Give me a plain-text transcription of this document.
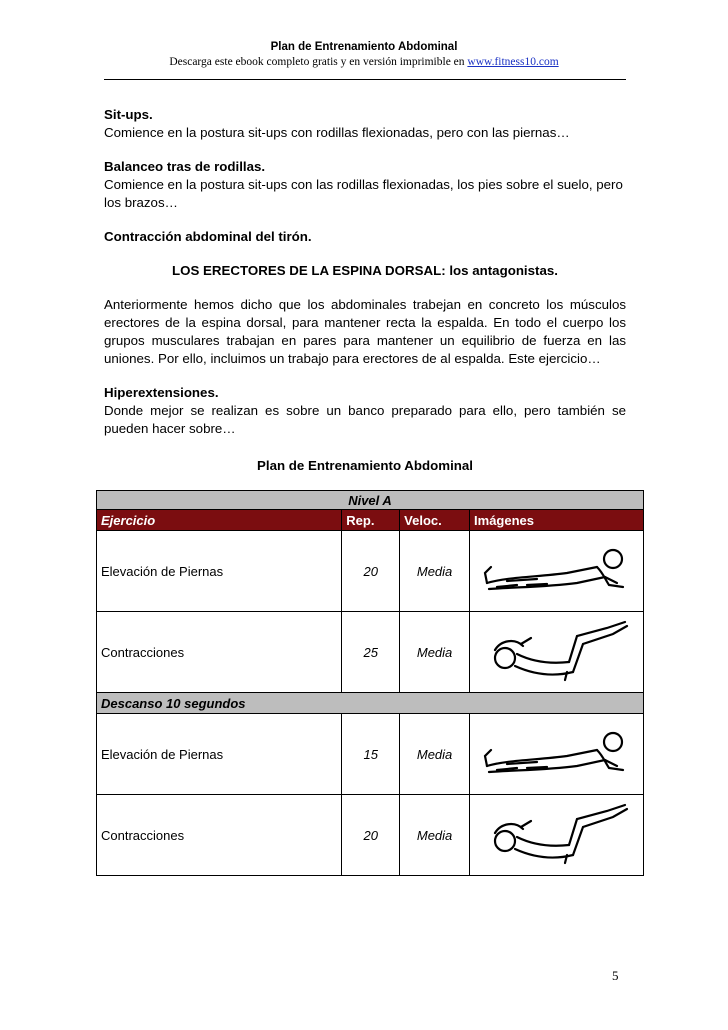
Plan de Entrenamiento Abdominal
Descarga este ebook completo gratis y en versión imprimible en www.fitness10.com

Sit-ups.
Comience en la postura sit-ups con rodillas flexionadas, pero con las piernas…

Balanceo tras de rodillas.
Comience en la postura sit-ups con las rodillas flexionadas, los pies sobre el suelo, pero los brazos…

Contracción abdominal del tirón.

LOS ERECTORES DE LA ESPINA DORSAL: los antagonistas.

Anteriormente hemos dicho que los abdominales trabejan en concreto los músculos erectores de la espina dorsal, para mantener recta la espalda. En todo el cuerpo los grupos musculares trabajan en pares para mantener un equilibrio de fuerza en las uniones. Por ello, incluimos un trabajo para erectores de al espalda. Este ejercicio…

Hiperextensiones.
Donde mejor se realizan es sobre un banco preparado para ello, pero también se pueden hacer sobre…

Plan de Entrenamiento Abdominal
Nivel A			
Ejercicio	Rep.	Veloc.	Imágenes
Elevación de Piernas	20	Media	

Contracciones	25	Media	

Descanso 10 segundos			
Elevación de Piernas	15	Media	

Contracciones	20	Media	
5
